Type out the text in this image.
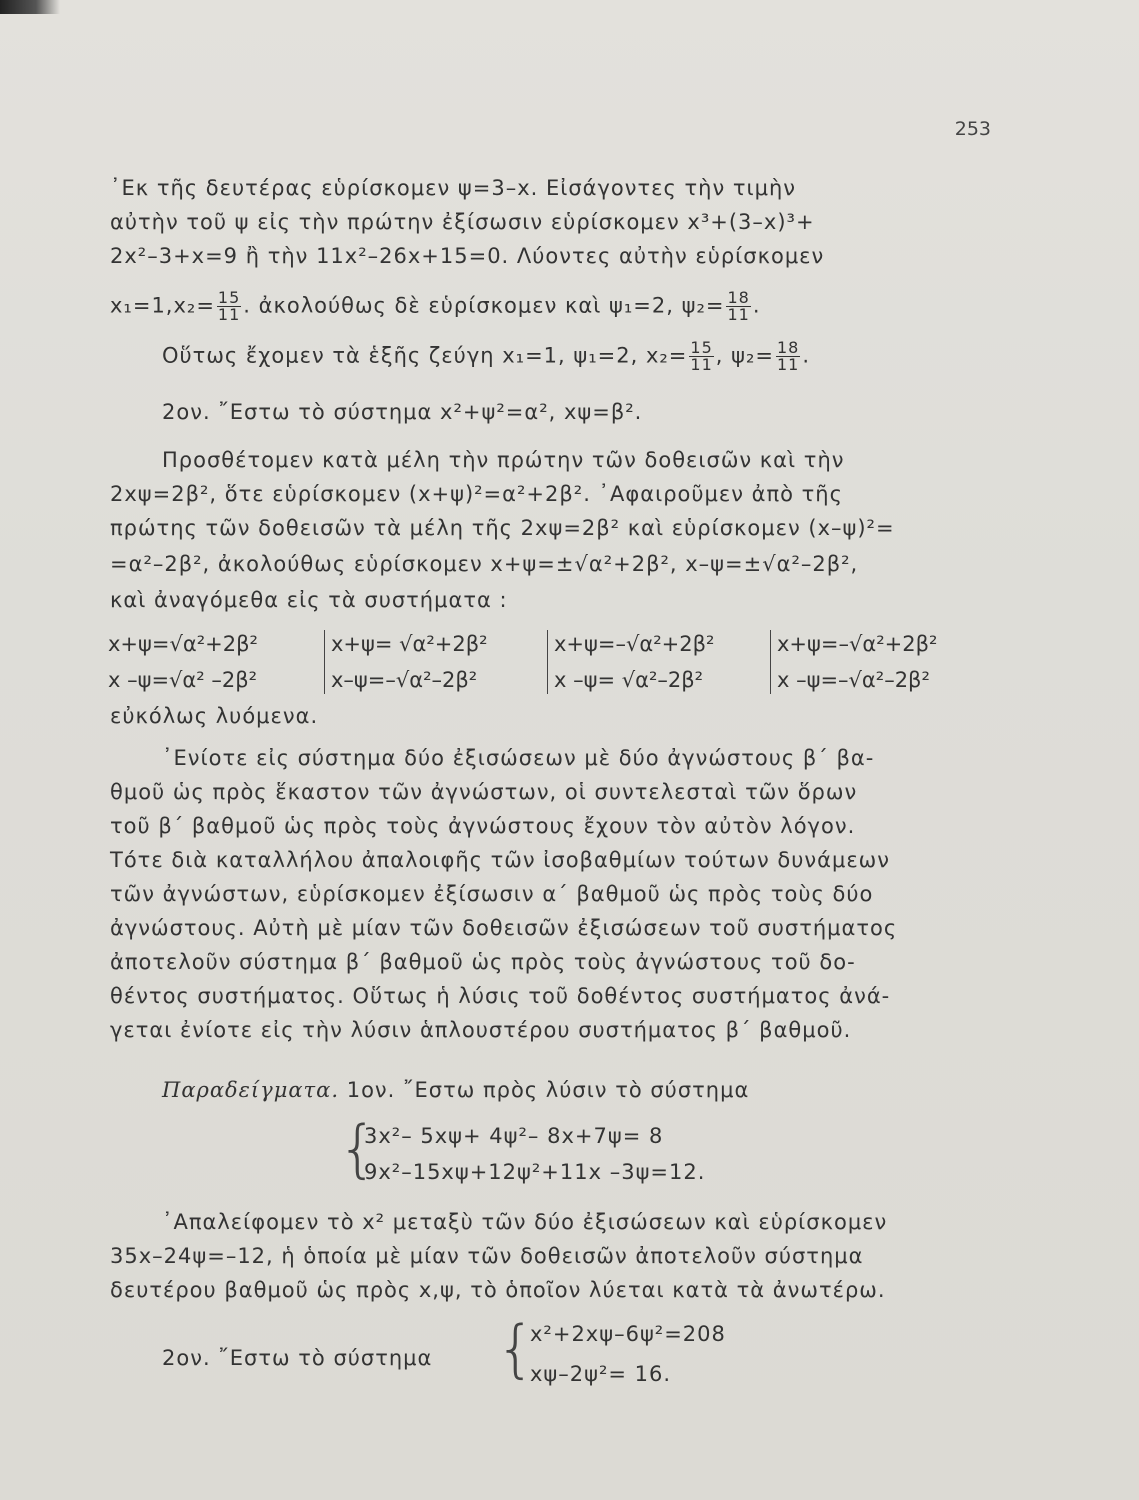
253
᾿Εκ τῆς δευτέρας εὑρίσκομεν ψ=3–x. Εἰσάγοντες τὴν τιμὴν
αὐτὴν τοῦ ψ εἰς τὴν πρώτην ἐξίσωσιν εὑρίσκομεν x³+(3–x)³+
2x²–3+x=9 ἢ τὴν 11x²–26x+15=0. Λύοντες αὐτὴν εὑρίσκομεν
$x_1=1,x_2= \frac{15}{11}$ . ἀκολούθως δὲ εὑρίσκομεν καὶ ψ₁=2, $\psi_2= \frac{18}{11}$ .
Οὕτως ἔχομεν τὰ ἑξῆς ζεύγη x₁=1, ψ₁=2, $x_2= \frac{15}{11}$ , $\psi_2= \frac{18}{11}$ .
2ον. ῎Εστω τὸ σύστημα x²+ψ²=α², xψ=β².
Προσθέτομεν κατὰ μέλη τὴν πρώτην τῶν δοθεισῶν καὶ τὴν
2xψ=2β², ὅτε εὑρίσκομεν (x+ψ)²=α²+2β². ᾿Αφαιροῦμεν ἀπὸ τῆς
πρώτης τῶν δοθεισῶν τὰ μέλη τῆς 2xψ=2β² καὶ εὑρίσκομεν (x–ψ)²=
=α²–2β², ἀκολούθως εὑρίσκομεν x+ψ=±√α²+2β², x–ψ=±√α²–2β²,
καὶ ἀναγόμεθα εἰς τὰ συστήματα :
x+ψ=√α²+2β²
x –ψ=√α² –2β²
x+ψ= √α²+2β²
x–ψ=–√α²–2β²
x+ψ=–√α²+2β²
x –ψ= √α²–2β²
x+ψ=–√α²+2β²
x –ψ=–√α²–2β²
εὐκόλως λυόμενα.
᾿Ενίοτε εἰς σύστημα δύο ἐξισώσεων μὲ δύο ἀγνώστους β΄ βα-
θμοῦ ὡς πρὸς ἕκαστον τῶν ἀγνώστων, οἱ συντελεσταὶ τῶν ὅρων
τοῦ β΄ βαθμοῦ ὡς πρὸς τοὺς ἀγνώστους ἔχουν τὸν αὐτὸν λόγον.
Τότε διὰ καταλλήλου ἀπαλοιφῆς τῶν ἰσοβαθμίων τούτων δυνάμεων
τῶν ἀγνώστων, εὑρίσκομεν ἐξίσωσιν α΄ βαθμοῦ ὡς πρὸς τοὺς δύο
ἀγνώστους. Αὐτὴ μὲ μίαν τῶν δοθεισῶν ἐξισώσεων τοῦ συστήματος
ἀποτελοῦν σύστημα β΄ βαθμοῦ ὡς πρὸς τοὺς ἀγνώστους τοῦ δο-
θέντος συστήματος. Οὕτως ἡ λύσις τοῦ δοθέντος συστήματος ἀνά-
γεται ἐνίοτε εἰς τὴν λύσιν ἁπλουστέρου συστήματος β΄ βαθμοῦ.
Παραδείγματα. 1ον. ῎Εστω πρὸς λύσιν τὸ σύστημα
{
3x²– 5xψ+ 4ψ²– 8x+7ψ= 8
9x²–15xψ+12ψ²+11x –3ψ=12.
᾿Απαλείφομεν τὸ x² μεταξὺ τῶν δύο ἐξισώσεων καὶ εὑρίσκομεν
35x–24ψ=–12, ἡ ὁποία μὲ μίαν τῶν δοθεισῶν ἀποτελοῦν σύστημα
δευτέρου βαθμοῦ ὡς πρὸς x,ψ, τὸ ὁποῖον λύεται κατὰ τὰ ἀνωτέρω.
2ον. ῎Εστω τὸ σύστημα {
x²+2xψ–6ψ²=208
xψ–2ψ²= 16.
